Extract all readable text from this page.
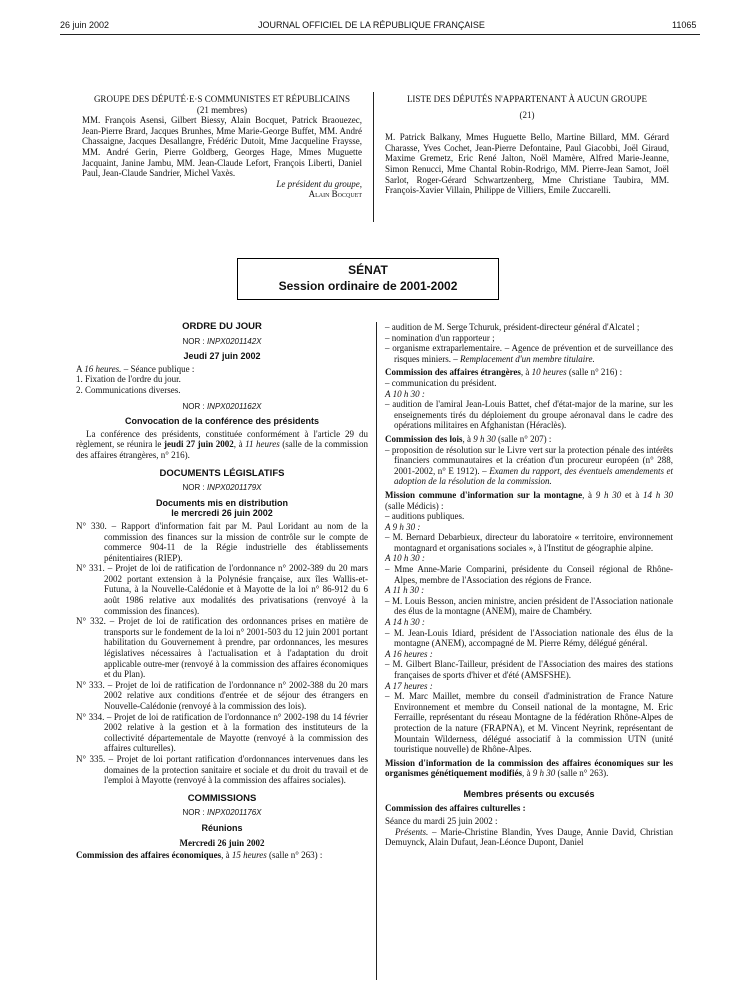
26 juin 2002	JOURNAL OFFICIEL DE LA RÉPUBLIQUE FRANÇAISE	11065

GROUPE DES DÉPUTÉ·E·S COMMUNISTES ET RÉPUBLICAINS

(21 membres)

MM. François Asensi, Gilbert Biessy, Alain Bocquet, Patrick Braouezec, Jean-Pierre Brard, Jacques Brunhes, Mme Marie-George Buffet, MM. André Chassaigne, Jacques Desallangre, Frédéric Dutoit, Mme Jacqueline Fraysse, MM. André Gerin, Pierre Goldberg, Georges Hage, Mmes Muguette Jacquaint, Janine Jambu, MM. Jean-Claude Lefort, François Liberti, Daniel Paul, Jean-Claude Sandrier, Michel Vaxès.

Le président du groupe,

Alain Bocquet

LISTE DES DÉPUTÉS N'APPARTENANT À AUCUN GROUPE

(21)

M. Patrick Balkany, Mmes Huguette Bello, Martine Billard, MM. Gérard Charasse, Yves Cochet, Jean-Pierre Defontaine, Paul Giacobbi, Joël Giraud, Maxime Gremetz, Eric René Jalton, Noël Mamère, Alfred Marie-Jeanne, Simon Renucci, Mme Chantal Robin-Rodrigo, MM. Pierre-Jean Samot, Joël Sarlot, Roger-Gérard Schwartzenberg, Mme Christiane Taubira, MM. François-Xavier Villain, Philippe de Villiers, Emile Zuccarelli.

SÉNAT
Session ordinaire de 2001-2002
ORDRE DU JOUR
NOR : INPX0201142X
Jeudi 27 juin 2002

A 16 heures. – Séance publique :

1. Fixation de l'ordre du jour.

2. Communications diverses.

NOR : INPX0201162X
Convocation de la conférence des présidents

La conférence des présidents, constituée conformément à l'article 29 du règlement, se réunira le jeudi 27 juin 2002, à 11 heures (salle de la commission des affaires étrangères, n° 216).

DOCUMENTS LÉGISLATIFS
NOR : INPX0201179X
Documents mis en distribution
le mercredi 26 juin 2002

N° 330. – Rapport d'information fait par M. Paul Loridant au nom de la commission des finances sur la mission de contrôle sur le compte de commerce 904-11 de la Régie industrielle des établissements pénitentiaires (RIEP).

N° 331. – Projet de loi de ratification de l'ordonnance n° 2002-389 du 20 mars 2002 portant extension à la Polynésie française, aux îles Wallis-et-Futuna, à la Nouvelle-Calédonie et à Mayotte de la loi n° 86-912 du 6 août 1986 relative aux modalités des privatisations (renvoyé à la commission des finances).

N° 332. – Projet de loi de ratification des ordonnances prises en matière de transports sur le fondement de la loi n° 2001-503 du 12 juin 2001 portant habilitation du Gouvernement à prendre, par ordonnances, les mesures législatives nécessaires à l'actualisation et à l'adaptation du droit applicable outre-mer (renvoyé à la commission des affaires économiques et du Plan).

N° 333. – Projet de loi de ratification de l'ordonnance n° 2002-388 du 20 mars 2002 relative aux conditions d'entrée et de séjour des étrangers en Nouvelle-Calédonie (renvoyé à la commission des lois).

N° 334. – Projet de loi de ratification de l'ordonnance n° 2002-198 du 14 février 2002 relative à la gestion et à la formation des instituteurs de la collectivité départementale de Mayotte (renvoyé à la commission des affaires culturelles).

N° 335. – Projet de loi portant ratification d'ordonnances intervenues dans les domaines de la protection sanitaire et sociale et du droit du travail et de l'emploi à Mayotte (renvoyé à la commission des affaires sociales).

COMMISSIONS
NOR : INPX0201176X
Réunions
Mercredi 26 juin 2002

Commission des affaires économiques, à 15 heures (salle n° 263) :

– audition de M. Serge Tchuruk, président-directeur général d'Alcatel ;

– nomination d'un rapporteur ;

– organisme extraparlementaire. – Agence de prévention et de surveillance des risques miniers. – Remplacement d'un membre titulaire.

Commission des affaires étrangères, à 10 heures (salle n° 216) :

– communication du président.

A 10 h 30 :

– audition de l'amiral Jean-Louis Battet, chef d'état-major de la marine, sur les enseignements tirés du déploiement du groupe aéronaval dans le cadre des opérations militaires en Afghanistan (Héraclès).

Commission des lois, à 9 h 30 (salle n° 207) :

– proposition de résolution sur le Livre vert sur la protection pénale des intérêts financiers communautaires et la création d'un procureur européen (n° 288, 2001-2002, n° E 1912). – Examen du rapport, des éventuels amendements et adoption de la résolution de la commission.

Mission commune d'information sur la montagne, à 9 h 30 et à 14 h 30 (salle Médicis) :

– auditions publiques.

A 9 h 30 :

– M. Bernard Debarbieux, directeur du laboratoire « territoire, environnement montagnard et organisations sociales », à l'Institut de géographie alpine.

A 10 h 30 :

– Mme Anne-Marie Comparini, présidente du Conseil régional de Rhône-Alpes, membre de l'Association des régions de France.

A 11 h 30 :

– M. Louis Besson, ancien ministre, ancien président de l'Association nationale des élus de la montagne (ANEM), maire de Chambéry.

A 14 h 30 :

– M. Jean-Louis Idiard, président de l'Association nationale des élus de la montagne (ANEM), accompagné de M. Pierre Rémy, délégué général.

A 16 heures :

– M. Gilbert Blanc-Tailleur, président de l'Association des maires des stations françaises de sports d'hiver et d'été (AMSFSHE).

A 17 heures :

– M. Marc Maillet, membre du conseil d'administration de France Nature Environnement et membre du Conseil national de la montagne, M. Eric Ferraille, représentant du réseau Montagne de la fédération Rhône-Alpes de protection de la nature (FRAPNA), et M. Vincent Neyrink, représentant de Mountain Wilderness, délégué associatif à la commission UTN (unité touristique nouvelle) de Rhône-Alpes.

Mission d'information de la commission des affaires économiques sur les organismes génétiquement modifiés, à 9 h 30 (salle n° 263).

Membres présents ou excusés

Commission des affaires culturelles :

Séance du mardi 25 juin 2002 :

Présents. – Marie-Christine Blandin, Yves Dauge, Annie David, Christian Demuynck, Alain Dufaut, Jean-Léonce Dupont, Daniel
